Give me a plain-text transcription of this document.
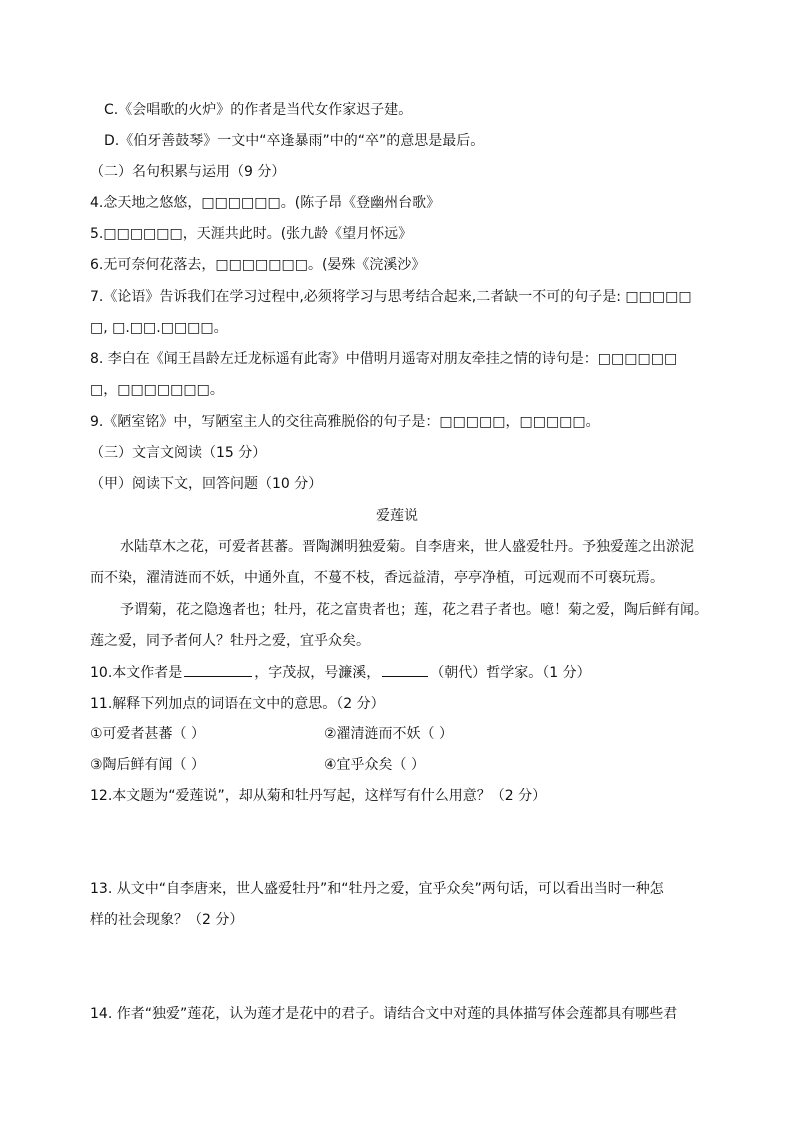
C.《会唱歌的火炉》的作者是当代女作家迟子建。
D.《伯牙善鼓琴》一文中“卒逢暴雨”中的“卒”的意思是最后。
（二）名句积累与运用（9 分）
4.念天地之悠悠，□□□□□□。(陈子昂《登幽州台歌》
5.□□□□□□，天涯共此时。(张九龄《望月怀远》
6.无可奈何花落去，□□□□□□□。(晏殊《浣溪沙》
7.《论语》告诉我们在学习过程中,必须将学习与思考结合起来,二者缺一不可的句子是: □□□□□
□, □.□□.□□□□。
8. 李白在《闻王昌龄左迁龙标遥有此寄》中借明月遥寄对朋友牵挂之情的诗句是：□□□□□□
□，□□□□□□□。
9.《陋室铭》中，写陋室主人的交往高雅脱俗的句子是：□□□□□，□□□□□。
（三）文言文阅读（15 分）
（甲）阅读下文，回答问题（10 分）
爱莲说
水陆草木之花，可爱者甚蕃。晋陶渊明独爱菊。自李唐来，世人盛爱牡丹。予独爱莲之出淤泥
而不染，濯清涟而不妖，中通外直，不蔓不枝，香远益清，亭亭净植，可远观而不可亵玩焉。
予谓菊，花之隐逸者也；牡丹，花之富贵者也；莲，花之君子者也。噫！菊之爱，陶后鲜有闻。
莲之爱，同予者何人？牡丹之爱，宜乎众矣。
10.本文作者是	，字茂叔，号濂溪，	（朝代）哲学家。（1 分）
11.解释下列加点的词语在文中的意思。（2 分）
①可爱者甚蕃（ ）	②濯清涟而不妖（ ）
③陶后鲜有闻（ ）	④宜乎众矣（ ）
12.本文题为“爱莲说”，却从菊和牡丹写起，这样写有什么用意？（2 分）
13. 从文中“自李唐来，世人盛爱牡丹”和“牡丹之爱，宜乎众矣”两句话，可以看出当时一种怎
样的社会现象？（2 分）
14. 作者“独爱”莲花，认为莲才是花中的君子。请结合文中对莲的具体描写体会莲都具有哪些君
